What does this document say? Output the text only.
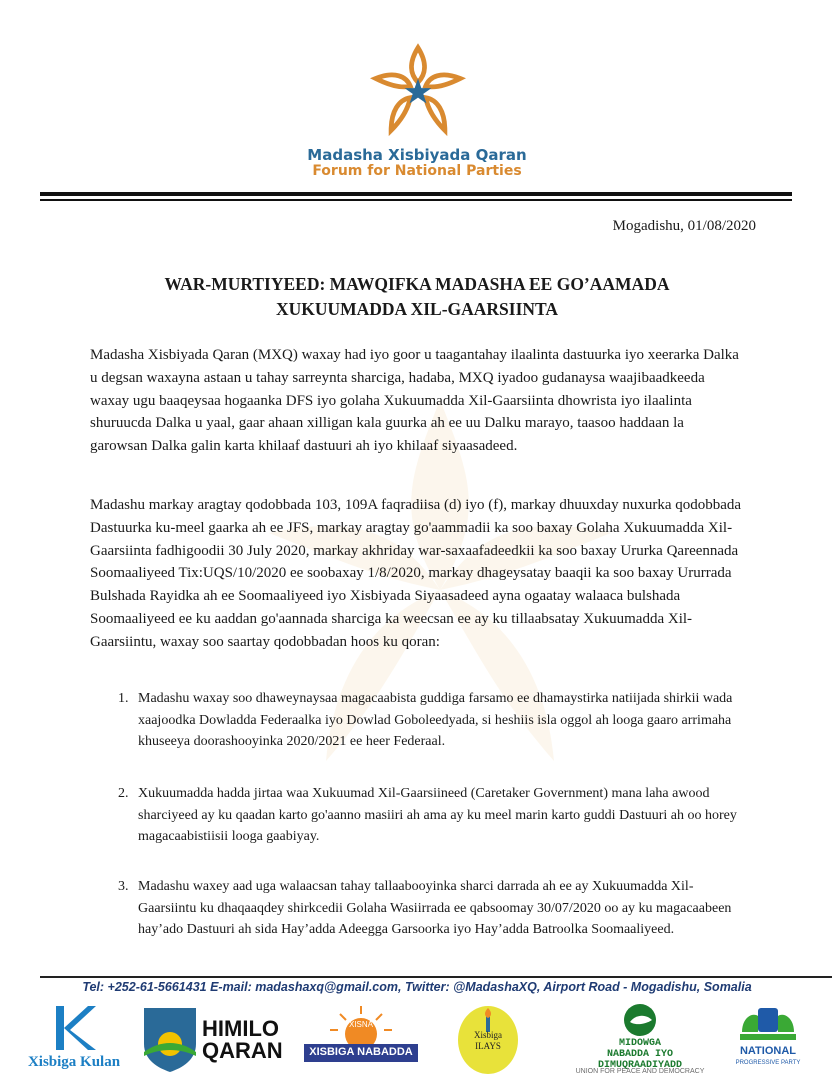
Madasha Xisbiyada Qaran
Forum for National Parties
Mogadishu, 01/08/2020
WAR-MURTIYEED: MAWQIFKA MADASHA EE GO’AAMADA
XUKUUMADDA XIL-GAARSIINTA

Madasha Xisbiyada Qaran (MXQ) waxay had iyo goor u taagantahay ilaalinta dastuurka iyo xeerarka Dalka u degsan waxayna astaan u tahay sarreynta sharciga, hadaba, MXQ iyadoo gudanaysa waajibaadkeeda waxay ugu baaqeysaa hogaanka DFS iyo golaha Xukuumadda Xil-Gaarsiinta dhowrista iyo ilaalinta shuruucda Dalka u yaal, gaar ahaan xilligan kala guurka ah ee uu Dalku marayo, taasoo haddaan la garowsan Dalka galin karta khilaaf dastuuri ah iyo khilaaf siyaasadeed.

Madashu markay aragtay qodobbada 103, 109A faqradiisa (d) iyo (f), markay dhuuxday nuxurka qodobbada Dastuurka ku-meel gaarka ah ee JFS, markay aragtay go'aammadii ka soo baxay Golaha Xukuumadda Xil-Gaarsiinta fadhigoodii 30 July 2020, markay akhriday war-saxaafadeedkii ka soo baxay Ururka Qareennada Soomaaliyeed Tix:UQS/10/2020 ee soobaxay 1/8/2020, markay dhageysatay baaqii ka soo baxay Ururrada Bulshada Rayidka ah ee Soomaaliyeed iyo Xisbiyada Siyaasadeed ayna ogaatay walaaca bulshada Soomaaliyeed ee ku aaddan go'aannada sharciga ka weecsan ee ay ku tillaabsatay Xukuumadda Xil-Gaarsiintu, waxay soo saartay qodobbadan hoos ku qoran:

1. Madashu waxay soo dhaweynaysaa magacaabista guddiga farsamo ee dhamaystirka natiijada shirkii wada xaajoodka Dowladda Federaalka iyo Dowlad Goboleedyada, si heshiis isla oggol ah looga gaaro arrimaha khuseeya doorashooyinka 2020/2021 ee heer Federaal.
2. Xukuumadda hadda jirtaa waa Xukuumad Xil-Gaarsiineed (Caretaker Government) mana laha awood sharciyeed ay ku qaadan karto go'aanno masiiri ah ama ay ku meel marin karto guddi Dastuuri ah oo horey magacaabistiisii looga gaabiyay.
3. Madashu waxey aad uga walaacsan tahay tallaabooyinka sharci darrada ah ee ay Xukuumadda Xil-Gaarsiintu ku dhaqaaqdey shirkcedii Golaha Wasiirrada ee qabsoomay 30/07/2020 oo ay ku magacaabeen hay’ado Dastuuri ah sida Hay’adda Adeegga Garsoorka iyo Hay’adda Batroolka Soomaaliyeed.
Tel: +252-61-5661431 E-mail: madashaxq@gmail.com, Twitter: @MadashaXQ, Airport Road - Mogadishu, Somalia
Xisbiga Kulan
HIMILO
QARAN
XISNA
XISBIGA NABADDA
Xisbiga
ILAYS	MIDOWGA
NABADDA IYO
DIMUQRAADIYADD
UNION FOR PEACE AND DEMOCRACY
NATIONAL
PROGRESSIVE PARTY
